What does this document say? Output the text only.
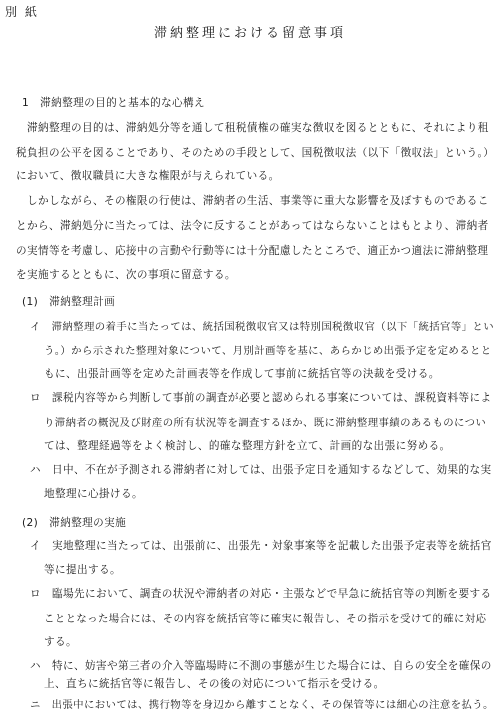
別 紙
滞納整理における留意事項
1　滞納整理の目的と基本的な心構え
　滞納整理の目的は、滞納処分等を通して租税債権の確実な徴収を図るとともに、それにより租
税負担の公平を図ることであり、そのための手段として、国税徴収法（以下「徴収法」という。）
において、徴収職員に大きな権限が与えられている。
　しかしながら、その権限の行使は、滞納者の生活、事業等に重大な影響を及ぼすものであるこ
とから、滞納処分に当たっては、法令に反することがあってはならないことはもとより、滞納者
の実情等を考慮し、応接中の言動や行動等には十分配慮したところで、適正かつ適法に滞納整理
を実施するとともに、次の事項に留意する。
(1)　滞納整理計画
イ　滞納整理の着手に当たっては、統括国税徴収官又は特別国税徴収官（以下「統括官等」とい
う。）から示された整理対象について、月別計画等を基に、あらかじめ出張予定を定めるとと
もに、出張計画等を定めた計画表等を作成して事前に統括官等の決裁を受ける。
ロ　課税内容等から判断して事前の調査が必要と認められる事案については、課税資料等によ
り滞納者の概況及び財産の所有状況等を調査するほか、既に滞納整理事績のあるものについ
ては、整理経過等をよく検討し、的確な整理方針を立て、計画的な出張に努める。
ハ　日中、不在が予測される滞納者に対しては、出張予定日を通知するなどして、効果的な実
地整理に心掛ける。
(2)　滞納整理の実施
イ　実地整理に当たっては、出張前に、出張先・対象事案等を記載した出張予定表等を統括官
等に提出する。
ロ　臨場先において、調査の状況や滞納者の対応・主張などで早急に統括官等の判断を要する
こととなった場合には、その内容を統括官等に確実に報告し、その指示を受けて的確に対応
する。
ハ　特に、妨害や第三者の介入等臨場時に不測の事態が生じた場合には、自らの安全を確保の
上、直ちに統括官等に報告し、その後の対応について指示を受ける。
ニ　出張中においては、携行物等を身辺から離すことなく、その保管等には細心の注意を払う。
